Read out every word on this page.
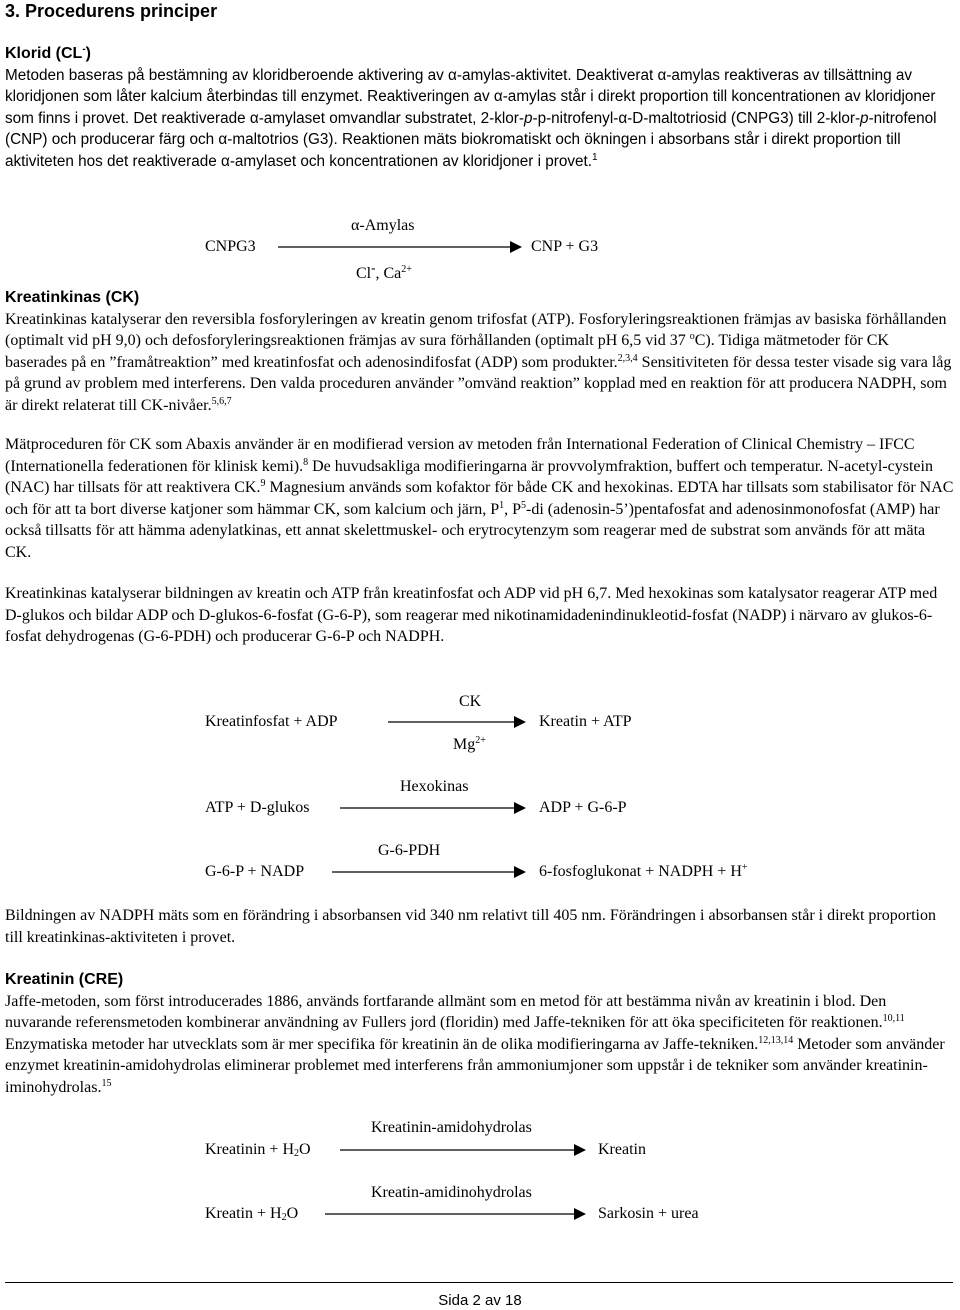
3. Procedurens principer
Klorid (CL-)

Metoden baseras på bestämning av kloridberoende aktivering av α-amylas-aktivitet. Deaktiverat α-amylas reaktiveras av tillsättning av kloridjonen som låter kalcium återbindas till enzymet. Reaktiveringen av α-amylas står i direkt proportion till koncentrationen av kloridjoner som finns i provet. Det reaktiverade α-amylaset omvandlar substratet, 2-klor-p-p-nitrofenyl-α-D-maltotriosid (CNPG3) till 2-klor-p-nitrofenol (CNP) och producerar färg och α-maltotrios (G3). Reaktionen mäts biokromatiskt och ökningen i absorbans står i direkt proportion till aktiviteten hos det reaktiverade α-amylaset och koncentrationen av kloridjoner i provet.$^1$

α-Amylas
CNPG3	CNP + G3
Cl-, $Ca^{2+}$
Kreatinkinas (CK)

Kreatinkinas katalyserar den reversibla fosforyleringen av kreatin genom trifosfat (ATP). Fosforyleringsreaktionen främjas av basiska förhållanden (optimalt vid pH 9,0) och defosforyleringsreaktionen främjas av sura förhållanden (optimalt pH 6,5 vid 37 $^o$C). Tidiga mätmetoder för CK baserades på en ”framåtreaktion” med kreatinfosfat och adenosindifosfat (ADP) som produkter.$^{2,3,4}$ Sensitiviteten för dessa tester visade sig vara låg på grund av problem med interferens. Den valda proceduren använder ”omvänd reaktion” kopplad med en reaktion för att producera NADPH, som är direkt relaterat till CK-nivåer.$^{5,6,7}$

Mätproceduren för CK som Abaxis använder är en modifierad version av metoden från International Federation of Clinical Chemistry – IFCC (Internationella federationen för klinisk kemi).$^8$ De huvudsakliga modifieringarna är provvolymfraktion, buffert och temperatur. N-acetyl-cystein (NAC) har tillsats för att reaktivera CK.$^9$ Magnesium används som kofaktor för både CK and hexokinas. EDTA har tillsats som stabilisator för NAC och för att ta bort diverse katjoner som hämmar CK, som kalcium och järn, $P^1$, $P^5-di$ (adenosin-5’)pentafosfat and adenosinmonofosfat (AMP) har också tillsatts för att hämma adenylatkinas, ett annat skelettmuskel- och erytrocytenzym som reagerar med de substrat som används för att mäta CK.

Kreatinkinas katalyserar bildningen av kreatin och ATP från kreatinfosfat och ADP vid pH 6,7. Med hexokinas som katalysator reagerar ATP med D-glukos och bildar ADP och D-glukos-6-fosfat (G-6-P), som reagerar med nikotinamidadenindinukleotid-fosfat (NADP) i närvaro av glukos-6-fosfat dehydrogenas (G-6-PDH) och producerar G-6-P och NADPH.

CK
Kreatinfosfat + ADP	Kreatin + ATP
$Mg^{2+}$
Hexokinas
ATP + D-glukos	ADP + G-6-P
G-6-PDH
G-6-P + NADP	6-fosfoglukonat + NADPH + H+

Bildningen av NADPH mäts som en förändring i absorbansen vid 340 nm relativt till 405 nm. Förändringen i absorbansen står i direkt proportion till kreatinkinas-aktiviteten i provet.

Kreatinin (CRE)

Jaffe-metoden, som först introducerades 1886, används fortfarande allmänt som en metod för att bestämma nivån av kreatinin i blod. Den nuvarande referensmetoden kombinerar användning av Fullers jord (floridin) med Jaffe-tekniken för att öka specificiteten för reaktionen.$^{10,11}$ Enzymatiska metoder har utvecklats som är mer specifika för kreatinin än de olika modifieringarna av Jaffe-tekniken.$^{12,13,14}$ Metoder som använder enzymet kreatinin-amidohydrolas eliminerar problemet med interferens från ammoniumjoner som uppstår i de tekniker som använder kreatinin-iminohydrolas.$^{15}$

Kreatinin-amidohydrolas
Kreatinin + $H_2O$	Kreatin
Kreatin-amidinohydrolas
Kreatin + $H_2O$	Sarkosin + urea
Sida 2 av 18
